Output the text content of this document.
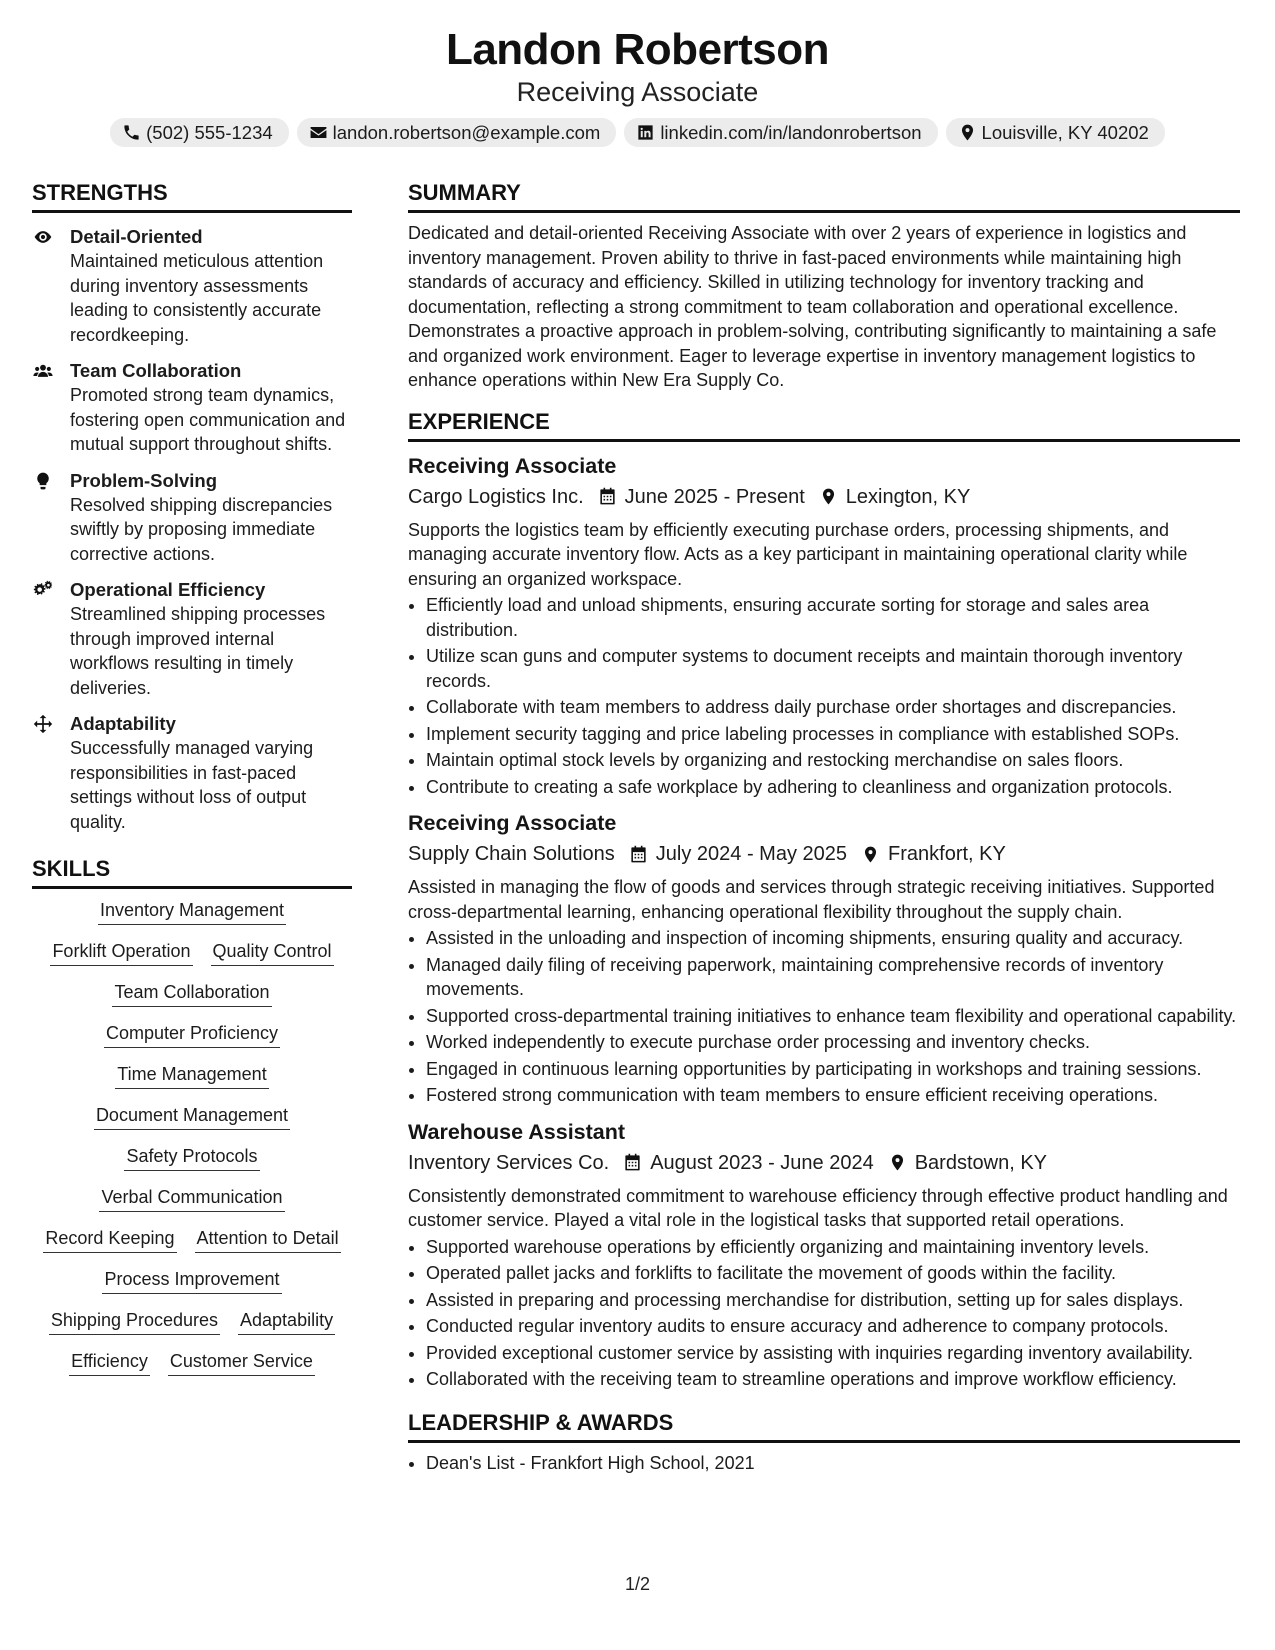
Landon Robertson
Receiving Associate
(502) 555-1234	landon.robertson@example.com	linkedin.com/in/landonrobertson	Louisville, KY 40202
STRENGTHS
Detail-Oriented
Maintained meticulous attention during inventory assessments leading to consistently accurate recordkeeping.
Team Collaboration
Promoted strong team dynamics, fostering open communication and mutual support throughout shifts.
Problem-Solving
Resolved shipping discrepancies swiftly by proposing immediate corrective actions.
Operational Efficiency
Streamlined shipping processes through improved internal workflows resulting in timely deliveries.
Adaptability
Successfully managed varying responsibilities in fast-paced settings without loss of output quality.
SKILLS
Inventory Management
Forklift Operation Quality Control
Team Collaboration
Computer Proficiency
Time Management
Document Management
Safety Protocols
Verbal Communication
Record Keeping Attention to Detail
Process Improvement
Shipping Procedures Adaptability
Efficiency Customer Service
SUMMARY
Dedicated and detail-oriented Receiving Associate with over 2 years of experience in logistics and inventory management. Proven ability to thrive in fast-paced environments while maintaining high standards of accuracy and efficiency. Skilled in utilizing technology for inventory tracking and documentation, reflecting a strong commitment to team collaboration and operational excellence. Demonstrates a proactive approach in problem-solving, contributing significantly to maintaining a safe and organized work environment. Eager to leverage expertise in inventory management logistics to enhance operations within New Era Supply Co.
EXPERIENCE
Receiving Associate
Cargo Logistics Inc. June 2025 - Present Lexington, KY
Supports the logistics team by efficiently executing purchase orders, processing shipments, and managing accurate inventory flow. Acts as a key participant in maintaining operational clarity while ensuring an organized workspace.
• Efficiently load and unload shipments, ensuring accurate sorting for storage and sales area distribution.
• Utilize scan guns and computer systems to document receipts and maintain thorough inventory records.
• Collaborate with team members to address daily purchase order shortages and discrepancies.
• Implement security tagging and price labeling processes in compliance with established SOPs.
• Maintain optimal stock levels by organizing and restocking merchandise on sales floors.
• Contribute to creating a safe workplace by adhering to cleanliness and organization protocols.
Receiving Associate
Supply Chain Solutions July 2024 - May 2025 Frankfort, KY
Assisted in managing the flow of goods and services through strategic receiving initiatives. Supported cross-departmental learning, enhancing operational flexibility throughout the supply chain.
• Assisted in the unloading and inspection of incoming shipments, ensuring quality and accuracy.
• Managed daily filing of receiving paperwork, maintaining comprehensive records of inventory movements.
• Supported cross-departmental training initiatives to enhance team flexibility and operational capability.
• Worked independently to execute purchase order processing and inventory checks.
• Engaged in continuous learning opportunities by participating in workshops and training sessions.
• Fostered strong communication with team members to ensure efficient receiving operations.
Warehouse Assistant
Inventory Services Co. August 2023 - June 2024 Bardstown, KY
Consistently demonstrated commitment to warehouse efficiency through effective product handling and customer service. Played a vital role in the logistical tasks that supported retail operations.
• Supported warehouse operations by efficiently organizing and maintaining inventory levels.
• Operated pallet jacks and forklifts to facilitate the movement of goods within the facility.
• Assisted in preparing and processing merchandise for distribution, setting up for sales displays.
• Conducted regular inventory audits to ensure accuracy and adherence to company protocols.
• Provided exceptional customer service by assisting with inquiries regarding inventory availability.
• Collaborated with the receiving team to streamline operations and improve workflow efficiency.
LEADERSHIP & AWARDS
• Dean's List - Frankfort High School, 2021
1/2
